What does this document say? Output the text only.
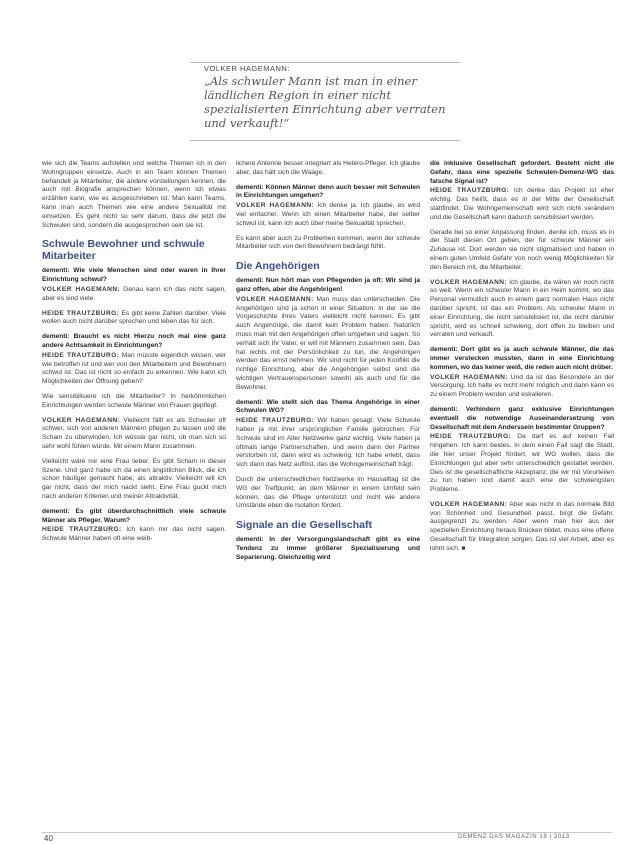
VOLKER HAGEMANN:
„Als schwuler Mann ist man in einer ländlichen Region in einer nicht spezialisierten Einrichtung aber verraten und verkauft!“

wie sich die Teams aufstellen und welche Themen ich in den Wohngruppen einsetze. Auch in ein Team können Themen behandelt ja Mitarbeiter, die andere vorstellungen kennen, die auch mit Biografie ansprechen können, wenn ich etwas erzählen kann, wie es ausgeschrieben ist. Man kann Teams, kann man auch Themen wie eine andere Sexualität mit einsetzen. Es geht nicht so sehr darum, dass die jetzt die Schwulen sind, sondern die ausgesprochen sein sie ist.

Schwule Bewohner und schwule Mitarbeiter

dementi: Wie viele Menschen sind oder waren in Ihrer Einrichtung schwul?

VOLKER HAGEMANN: Genau kann ich das nicht sagen, aber es sind viele.

HEIDE TRAUTZBURG: Es gibt keine Zahlen darüber. Viele wollen auch nicht darüber sprechen und leben das für sich.

dementi: Braucht es nicht Hierzu noch mal eine ganz andere Achtsamkeit in Einrichtungen?

HEIDE TRAUTZBURG: Man müsste eigentlich wissen, wer wie betroffen ist und wer von den Mitarbeitern und Bewohnern schwul ist. Das ist nicht so einfach zu erkennen. Wie kann ich Möglichkeiten der Öffnung geben?

Wie sensibilisiere ich die Mitarbeiter? In herkömmlichen Einrichtungen werden schwule Männer von Frauen gepflegt.

VOLKER HAGEMANN: Vielleicht fällt es als Schwuler oft schwer, sich von anderen Männern pflegen zu lassen und die Scham zu überwinden. Ich wüsste gar nicht, ob man sich so sehr wohl fühlen würde. Mit einem Mann zusammen.

Vielleicht wäre mir eine Frau lieber. Es gibt Scham in dieser Szene. Und ganz habe ich da einen ängstlichen Blick, die ich schon häufiger gemacht habe, als attraktiv. Vielleicht will ich gar nicht, dass der mich nackt sieht. Eine Frau guckt mich nach anderen Kriterien und meiner Attraktivität.

dementi: Es gibt überdurchschnittlich viele schwule Männer als Pfleger. Warum?

HEIDE TRAUTZBURG: Ich kann mir das nicht sagen. Schwule Männer haben oft eine weib-

lichere Antenne besser integriert als Hetero-Pfleger. Ich glaube aber, das hält sich die Waage.

dementi: Können Männer denn auch besser mit Schwulen in Einrichtungen umgehen?

VOLKER HAGEMANN: Ich denke ja. Ich glaube, es wird viel einfacher. Wenn ich einen Mitarbeiter habe, der selber schwul ist, kann ich auch über meine Sexualität sprechen.

Es kann aber auch zu Problemen kommen, wenn der schwule Mitarbeiter sich von den Bewohnern bedrängt fühlt.

Die Angehörigen

dementi: Nun hört man von Pflegenden ja oft: Wir sind ja ganz offen, aber die Angehörigen!

VOLKER HAGEMANN: Man muss das unterscheiden. Die Angehörigen sind ja schon in einer Situation, in der sie die Vorgeschichte ihres Vaters vielleicht nicht kennen. Es gibt auch Angehörige, die damit kein Problem haben. Natürlich muss man mit den Angehörigen offen umgehen und sagen: So verhält sich Ihr Vater, er will mit Männern zusammen sein. Das hat nichts mit der Persönlichkeit zu tun, die Angehörigen werden das ernst nehmen. Wir sind nicht für jeden Konflikt die richtige Einrichtung, aber die Angehörigen selbst sind die wichtigen Vertrauenspersonen sowohl als auch und für die Bewohner.

dementi: Wie stellt sich das Thema Angehörige in einer Schwulen WG?

HEIDE TRAUTZBURG: Wir haben gesagt: Viele Schwule haben ja mit ihrer ursprünglichen Familie gebrochen. Für Schwule sind im Alter Netzwerke ganz wichtig. Viele haben ja oftmals lange Partnerschaften, und wenn dann der Partner verstorben ist, dann wird es schwierig. Ich habe erlebt, dass sich dann das Netz auflöst, das die Wohngemeinschaft trägt.

Durch die unterschiedlichen Netzwerke im Hausalltag ist die WG der Treffpunkt, an dem Männer in einem Umfeld sein können, das die Pflege unterstützt und nicht wie andere Umstände eben die Isolation fördert.

Signale an die Gesellschaft

dementi: In der Versorgungslandschaft gibt es eine Tendenz zu immer größerer Spezialisierung und Separierung. Gleichzeitig wird

die inklusive Gesellschaft gefordert. Besteht nicht die Gefahr, dass eine spezielle Schwulen-Demenz-WG das falsche Signal ist?

HEIDE TRAUTZBURG: Ich denke das Projekt ist eher wichtig. Das heißt, dass es in der Mitte der Gesellschaft stattfindet. Die Wohngemeinschaft wird sich nicht verändern und die Gesellschaft kann dadurch sensibilisiert werden.

Gerade bei so einer Anpassung finden, denke ich, muss es in der Stadt diesen Ort geben, der für schwule Männer ein Zuhause ist. Dort werden sie nicht stigmatisiert und haben in einem guten Umfeld Gefahr von noch wenig Möglichkeiten für den Bereich mit, die Mitarbeiter.

VOLKER HAGEMANN: Ich glaube, da wären wir noch nicht so weit. Wenn ein schwuler Mann in ein Heim kommt, wo das Personal vermutlich auch in einem ganz normalen Haus nicht darüber spricht, ist das ein Problem. Als schwuler Mann in einer Einrichtung, die nicht sensibilisiert ist, die nicht darüber spricht, wird es schnell schwierig, dort offen zu bleiben und verraten und verkauft.

dementi: Dort gibt es ja auch schwule Männer, die das immer verstecken mussten, dann in eine Einrichtung kommen, wo das keiner weiß, die reden auch nicht drüber.

VOLKER HAGEMANN: Und da ist das Besondere an der Versorgung. Ich halte es nicht mehr möglich und dann kann es zu einem Problem werden und eskalieren.

dementi: Verhindern ganz exklusive Einrichtungen eventuell die notwendige Auseinandersetzung von Gesellschaft mit dem Anderssein bestimmter Gruppen?

HEIDE TRAUTZBURG: Da darf es auf keinen Fall hingehen. Ich kann beides. In dem einen Fall sagt die Stadt, die hier unser Projekt fördert, wir WG wollen, dass die Einrichtungen gut aber sehr unterschiedlich gestaltet werden. Dies ist die gesellschaftliche Akzeptanz, die wir mit Vorurteilen zu tun haben und damit auch eine der schwierigsten Probleme.

VOLKER HAGEMANN: Aber was nicht in das normale Bild von Schönheit und Gesundheit passt, birgt die Gefahr, ausgegrenzt zu werden. Aber wenn man hier aus der speziellen Einrichtung heraus Brücken bildet, muss eine offene Gesellschaft für Integration sorgen. Das ist viel Arbeit, aber es lohnt sich. ■

40	DEMENZ DAS MAGAZIN 18 | 2013
